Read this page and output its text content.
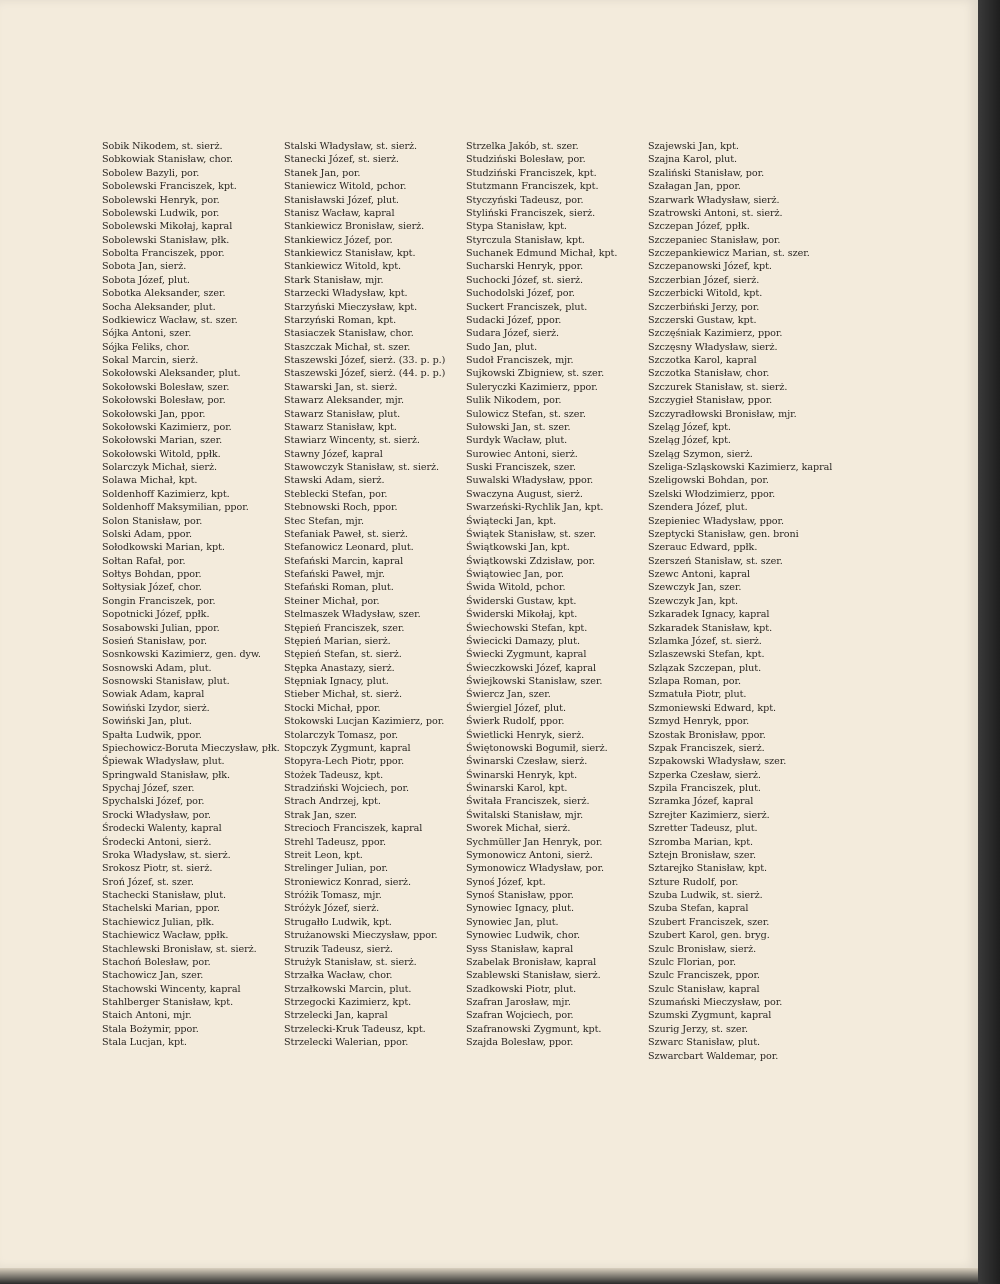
Sobik Nikodem, st. sierż.
Sobkowiak Stanisław, chor.
Sobolew Bazyli, por.
Sobolewski Franciszek, kpt.
Sobolewski Henryk, por.
Sobolewski Ludwik, por.
Sobolewski Mikołaj, kapral
Sobolewski Stanisław, płk.
Sobolta Franciszek, ppor.
Sobota Jan, sierż.
Sobota Józef, plut.
Sobotka Aleksander, szer.
Socha Aleksander, plut.
Sodkiewicz Wacław, st. szer.
Sójka Antoni, szer.
Sójka Feliks, chor.
Sokal Marcin, sierż.
Sokołowski Aleksander, plut.
Sokołowski Bolesław, szer.
Sokołowski Bolesław, por.
Sokołowski Jan, ppor.
Sokołowski Kazimierz, por.
Sokołowski Marian, szer.
Sokołowski Witold, ppłk.
Solarczyk Michał, sierż.
Solawa Michał, kpt.
Soldenhoff Kazimierz, kpt.
Soldenhoff Maksymilian, ppor.
Solon Stanisław, por.
Solski Adam, ppor.
Sołodkowski Marian, kpt.
Sołtan Rafał, por.
Sołtys Bohdan, ppor.
Sołtysiak Józef, chor.
Songin Franciszek, por.
Sopotnicki Józef, ppłk.
Sosabowski Julian, ppor.
Sosień Stanisław, por.
Sosnkowski Kazimierz, gen. dyw.
Sosnowski Adam, plut.
Sosnowski Stanisław, plut.
Sowiak Adam, kapral
Sowiński Izydor, sierż.
Sowiński Jan, plut.
Spałta Ludwik, ppor.
Spiechowicz-Boruta Mieczysław, płk.
Śpiewak Władysław, plut.
Springwald Stanisław, płk.
Spychaj Józef, szer.
Spychalski Józef, por.
Srocki Władysław, por.
Środecki Walenty, kapral
Środecki Antoni, sierż.
Sroka Władysław, st. sierż.
Srokosz Piotr, st. sierż.
Sroń Józef, st. szer.
Stachecki Stanisław, plut.
Stachelski Marian, ppor.
Stachiewicz Julian, płk.
Stachiewicz Wacław, ppłk.
Stachlewski Bronisław, st. sierż.
Stachoń Bolesław, por.
Stachowicz Jan, szer.
Stachowski Wincenty, kapral
Stahlberger Stanisław, kpt.
Staich Antoni, mjr.
Stala Bożymir, ppor.
Stala Lucjan, kpt.
Stalski Władysław, st. sierż.
Stanecki Józef, st. sierż.
Stanek Jan, por.
Staniewicz Witold, pchor.
Stanisławski Józef, plut.
Stanisz Wacław, kapral
Stankiewicz Bronisław, sierż.
Stankiewicz Józef, por.
Stankiewicz Stanisław, kpt.
Stankiewicz Witold, kpt.
Stark Stanisław, mjr.
Starzecki Władysław, kpt.
Starzyński Mieczysław, kpt.
Starzyński Roman, kpt.
Stasiaczek Stanisław, chor.
Staszczak Michał, st. szer.
Staszewski Józef, sierż. (33. p. p.)
Staszewski Józef, sierż. (44. p. p.)
Stawarski Jan, st. sierż.
Stawarz Aleksander, mjr.
Stawarz Stanisław, plut.
Stawarz Stanisław, kpt.
Stawiarz Wincenty, st. sierż.
Stawny Józef, kapral
Stawowczyk Stanisław, st. sierż.
Stawski Adam, sierż.
Steblecki Stefan, por.
Stebnowski Roch, ppor.
Stec Stefan, mjr.
Stefaniak Paweł, st. sierż.
Stefanowicz Leonard, plut.
Stefański Marcin, kapral
Stefański Paweł, mjr.
Stefański Roman, plut.
Steiner Michał, por.
Stelmaszek Władysław, szer.
Stępień Franciszek, szer.
Stępień Marian, sierż.
Stępień Stefan, st. sierż.
Stępka Anastazy, sierż.
Stępniak Ignacy, plut.
Stieber Michał, st. sierż.
Stocki Michał, ppor.
Stokowski Lucjan Kazimierz, por.
Stolarczyk Tomasz, por.
Stopczyk Zygmunt, kapral
Stopyra-Lech Piotr, ppor.
Stożek Tadeusz, kpt.
Stradziński Wojciech, por.
Strach Andrzej, kpt.
Strak Jan, szer.
Strecioch Franciszek, kapral
Strehl Tadeusz, ppor.
Streit Leon, kpt.
Strelinger Julian, por.
Stroniewicz Konrad, sierż.
Stróżik Tomasz, mjr.
Stróżyk Józef, sierż.
Strugałło Ludwik, kpt.
Strużanowski Mieczysław, ppor.
Struzik Tadeusz, sierż.
Strużyk Stanisław, st. sierż.
Strzałka Wacław, chor.
Strzałkowski Marcin, plut.
Strzegocki Kazimierz, kpt.
Strzelecki Jan, kapral
Strzelecki-Kruk Tadeusz, kpt.
Strzelecki Walerian, ppor.
Strzelka Jakób, st. szer.
Studziński Bolesław, por.
Studziński Franciszek, kpt.
Stutzmann Franciszek, kpt.
Styczyński Tadeusz, por.
Styliński Franciszek, sierż.
Stypa Stanisław, kpt.
Styrczula Stanisław, kpt.
Suchanek Edmund Michał, kpt.
Sucharski Henryk, ppor.
Suchocki Józef, st. sierż.
Suchodolski Józef, por.
Suckert Franciszek, plut.
Sudacki Józef, ppor.
Sudara Józef, sierż.
Sudo Jan, plut.
Sudoł Franciszek, mjr.
Sujkowski Zbigniew, st. szer.
Suleryczki Kazimierz, ppor.
Sulik Nikodem, por.
Sulowicz Stefan, st. szer.
Sułowski Jan, st. szer.
Surdyk Wacław, plut.
Surowiec Antoni, sierż.
Suski Franciszek, szer.
Suwalski Władysław, ppor.
Swaczyna August, sierż.
Swarzeński-Rychlik Jan, kpt.
Świątecki Jan, kpt.
Świątek Stanisław, st. szer.
Świątkowski Jan, kpt.
Świątkowski Zdzisław, por.
Świątowiec Jan, por.
Świda Witold, pchor.
Świderski Gustaw, kpt.
Świderski Mikołaj, kpt.
Świechowski Stefan, kpt.
Świecicki Damazy, plut.
Świecki Zygmunt, kapral
Świeczkowski Józef, kapral
Świejkowski Stanisław, szer.
Świercz Jan, szer.
Świergiel Józef, plut.
Świerk Rudolf, ppor.
Świetlicki Henryk, sierż.
Świętonowski Bogumił, sierż.
Świnarski Czesław, sierż.
Świnarski Henryk, kpt.
Świnarski Karol, kpt.
Świtała Franciszek, sierż.
Świtalski Stanisław, mjr.
Sworek Michał, sierż.
Sychmüller Jan Henryk, por.
Symonowicz Antoni, sierż.
Symonowicz Władysław, por.
Synoś Józef, kpt.
Synoś Stanisław, ppor.
Synowiec Ignacy, plut.
Synowiec Jan, plut.
Synowiec Ludwik, chor.
Syss Stanisław, kapral
Szabelak Bronisław, kapral
Szablewski Stanisław, sierż.
Szadkowski Piotr, plut.
Szafran Jarosław, mjr.
Szafran Wojciech, por.
Szafranowski Zygmunt, kpt.
Szajda Bolesław, ppor.
Szajewski Jan, kpt.
Szajna Karol, plut.
Szaliński Stanisław, por.
Szałagan Jan, ppor.
Szarwark Władysław, sierż.
Szatrowski Antoni, st. sierż.
Szczepan Józef, ppłk.
Szczepaniec Stanisław, por.
Szczepankiewicz Marian, st. szer.
Szczepanowski Józef, kpt.
Szczerbian Józef, sierż.
Szczerbicki Witold, kpt.
Szczerbiński Jerzy, por.
Szczerski Gustaw, kpt.
Szczęśniak Kazimierz, ppor.
Szczęsny Władysław, sierż.
Szczotka Karol, kapral
Szczotka Stanisław, chor.
Szczurek Stanisław, st. sierż.
Szczygieł Stanisław, ppor.
Szczyradłowski Bronisław, mjr.
Szeląg Józef, kpt.
Szeląg Józef, kpt.
Szeląg Szymon, sierż.
Szeliga-Szląskowski Kazimierz, kapral
Szeligowski Bohdan, por.
Szelski Włodzimierz, ppor.
Szendera Józef, plut.
Szepieniec Władysław, ppor.
Szeptycki Stanisław, gen. broni
Szerauc Edward, ppłk.
Szerszeń Stanisław, st. szer.
Szewc Antoni, kapral
Szewczyk Jan, szer.
Szewczyk Jan, kpt.
Szkaradek Ignacy, kapral
Szkaradek Stanisław, kpt.
Szlamka Józef, st. sierż.
Szlaszewski Stefan, kpt.
Szlązak Szczepan, plut.
Szlapa Roman, por.
Szmatuła Piotr, plut.
Szmoniewski Edward, kpt.
Szmyd Henryk, ppor.
Szostak Bronisław, ppor.
Szpak Franciszek, sierż.
Szpakowski Władysław, szer.
Szperka Czesław, sierż.
Szpila Franciszek, plut.
Szramka Józef, kapral
Szrejter Kazimierz, sierż.
Szretter Tadeusz, plut.
Szromba Marian, kpt.
Sztejn Bronisław, szer.
Sztarejko Stanisław, kpt.
Szture Rudolf, por.
Szuba Ludwik, st. sierż.
Szuba Stefan, kapral
Szubert Franciszek, szer.
Szubert Karol, gen. bryg.
Szulc Bronisław, sierż.
Szulc Florian, por.
Szulc Franciszek, ppor.
Szulc Stanisław, kapral
Szumański Mieczysław, por.
Szumski Zygmunt, kapral
Szurig Jerzy, st. szer.
Szwarc Stanisław, plut.
Szwarcbart Waldemar, por.
